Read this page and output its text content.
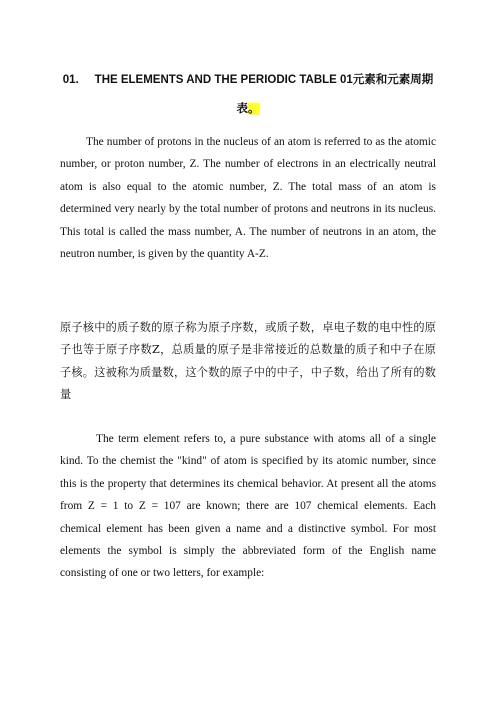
01. THE ELEMENTS AND THE PERIODIC TABLE 01元素和元素周期表。

The number of protons in the nucleus of an atom is referred to as the atomic number, or proton number, Z. The number of electrons in an electrically neutral atom is also equal to the atomic number, Z. The total mass of an atom is determined very nearly by the total number of protons and neutrons in its nucleus. This total is called the mass number, A. The number of neutrons in an atom, the neutron number, is given by the quantity A-Z.

原子核中的质子数的原子称为原子序数，或质子数，卓电子数的电中性的原子也等于原子序数Z，总质量的原子是非常接近的总数量的质子和中子在原子核。这被称为质量数，这个数的原子中的中子，中子数，给出了所有的数量

The term element refers to, a pure substance with atoms all of a single kind. To the chemist the "kind" of atom is specified by its atomic number, since this is the property that determines its chemical behavior. At present all the atoms from Z = 1 to Z = 107 are known; there are 107 chemical elements. Each chemical element has been given a name and a distinctive symbol. For most elements the symbol is simply the abbreviated form of the English name consisting of one or two letters, for example:
